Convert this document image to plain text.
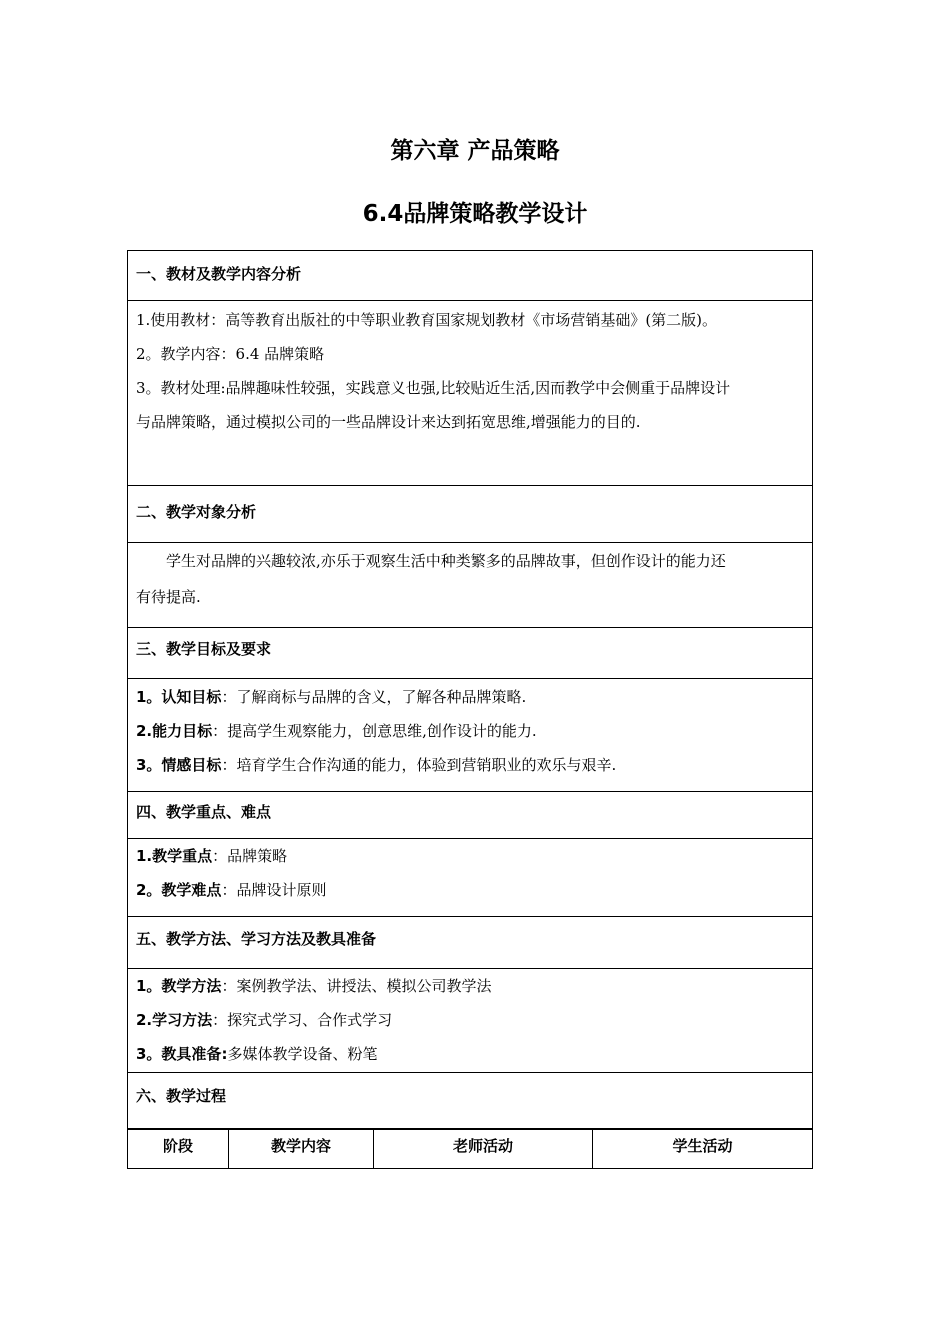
第六章 产品策略
6.4品牌策略教学设计
一、教材及教学内容分析

1.使用教材：高等教育出版社的中等职业教育国家规划教材《市场营销基础》(第二版)。
2。教学内容：6.4 品牌策略
3。教材处理:品牌趣味性较强，实践意义也强,比较贴近生活,因而教学中会侧重于品牌设计
与品牌策略，通过模拟公司的一些品牌设计来达到拓宽思维,增强能力的目的.

二、教学对象分析

学生对品牌的兴趣较浓,亦乐于观察生活中种类繁多的品牌故事，但创作设计的能力还
有待提高.

三、教学目标及要求

1。认知目标：了解商标与品牌的含义，了解各种品牌策略.
2.能力目标：提高学生观察能力，创意思维,创作设计的能力.
3。情感目标：培育学生合作沟通的能力，体验到营销职业的欢乐与艰辛.

四、教学重点、难点

1.教学重点：品牌策略
2。教学难点：品牌设计原则

五、教学方法、学习方法及教具准备

1。教学方法：案例教学法、讲授法、模拟公司教学法
2.学习方法：探究式学习、合作式学习
3。教具准备:多媒体教学设备、粉笔

六、教学过程
阶段	教学内容	老师活动	学生活动
